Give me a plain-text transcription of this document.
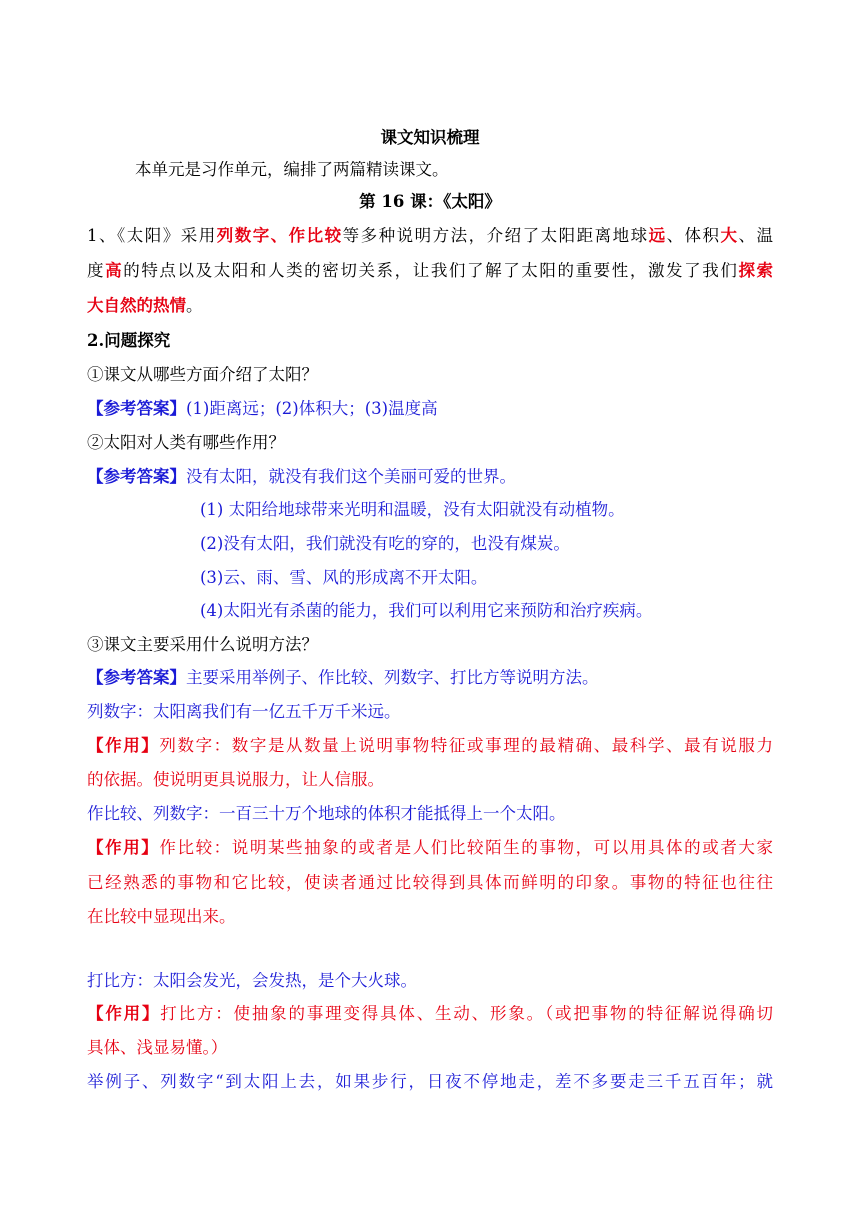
课文知识梳理
本单元是习作单元，编排了两篇精读课文。
第 16 课：《太阳》
1、《太阳》采用列数字、作比较等多种说明方法，介绍了太阳距离地球远、体积大、温
度高的特点以及太阳和人类的密切关系，让我们了解了太阳的重要性，激发了我们探索
大自然的热情。
2.问题探究
①课文从哪些方面介绍了太阳？
【参考答案】(1)距离远；(2)体积大；(3)温度高
②太阳对人类有哪些作用？
【参考答案】没有太阳，就没有我们这个美丽可爱的世界。
(1) 太阳给地球带来光明和温暖，没有太阳就没有动植物。
(2)没有太阳，我们就没有吃的穿的，也没有煤炭。
(3)云、雨、雪、风的形成离不开太阳。
(4)太阳光有杀菌的能力，我们可以利用它来预防和治疗疾病。
③课文主要采用什么说明方法？
【参考答案】主要采用举例子、作比较、列数字、打比方等说明方法。
列数字：太阳离我们有一亿五千万千米远。
【作用】列数字：数字是从数量上说明事物特征或事理的最精确、最科学、最有说服力
的依据。使说明更具说服力，让人信服。
作比较、列数字：一百三十万个地球的体积才能抵得上一个太阳。
【作用】作比较：说明某些抽象的或者是人们比较陌生的事物，可以用具体的或者大家
已经熟悉的事物和它比较，使读者通过比较得到具体而鲜明的印象。事物的特征也往往
在比较中显现出来。
打比方：太阳会发光，会发热，是个大火球。
【作用】打比方：使抽象的事理变得具体、生动、形象。（或把事物的特征解说得确切
具体、浅显易懂。）
举例子、列数字“到太阳上去，如果步行，日夜不停地走，差不多要走三千五百年；就
